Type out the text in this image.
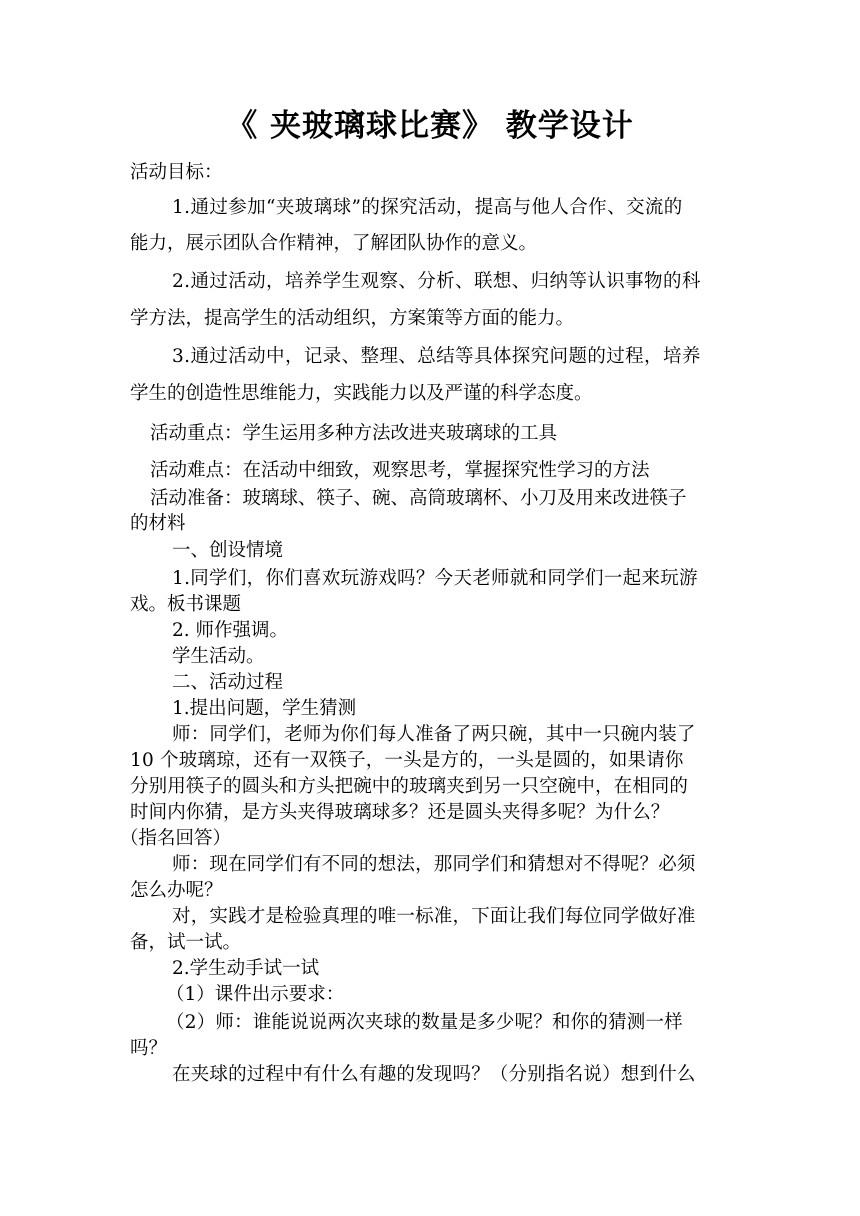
《 夹玻璃球比赛》 教学设计
活动目标：
1.通过参加“夹玻璃球”的探究活动，提高与他人合作、交流的
能力，展示团队合作精神，了解团队协作的意义。
2.通过活动，培养学生观察、分析、联想、归纳等认识事物的科
学方法，提高学生的活动组织，方案策等方面的能力。
3.通过活动中，记录、整理、总结等具体探究问题的过程，培养
学生的创造性思维能力，实践能力以及严谨的科学态度。
活动重点：学生运用多种方法改进夹玻璃球的工具
活动难点：在活动中细致，观察思考，掌握探究性学习的方法
活动准备：玻璃球、筷子、碗、高筒玻璃杯、小刀及用来改进筷子
的材料
一、创设情境
1.同学们，你们喜欢玩游戏吗？今天老师就和同学们一起来玩游
戏。板书课题
2. 师作强调。
学生活动。
二、活动过程
1.提出问题，学生猜测
师：同学们，老师为你们每人准备了两只碗，其中一只碗内装了
10 个玻璃琼，还有一双筷子，一头是方的，一头是圆的，如果请你
分别用筷子的圆头和方头把碗中的玻璃夹到另一只空碗中，在相同的
时间内你猜，是方头夹得玻璃球多？还是圆头夹得多呢？为什么？
（指名回答）
师：现在同学们有不同的想法，那同学们和猜想对不得呢？必须
怎么办呢？
对，实践才是检验真理的唯一标准，下面让我们每位同学做好准
备，试一试。
2.学生动手试一试
（1）课件出示要求：
（2）师：谁能说说两次夹球的数量是多少呢？和你的猜测一样
吗？
在夹球的过程中有什么有趣的发现吗？（分别指名说）想到什么
